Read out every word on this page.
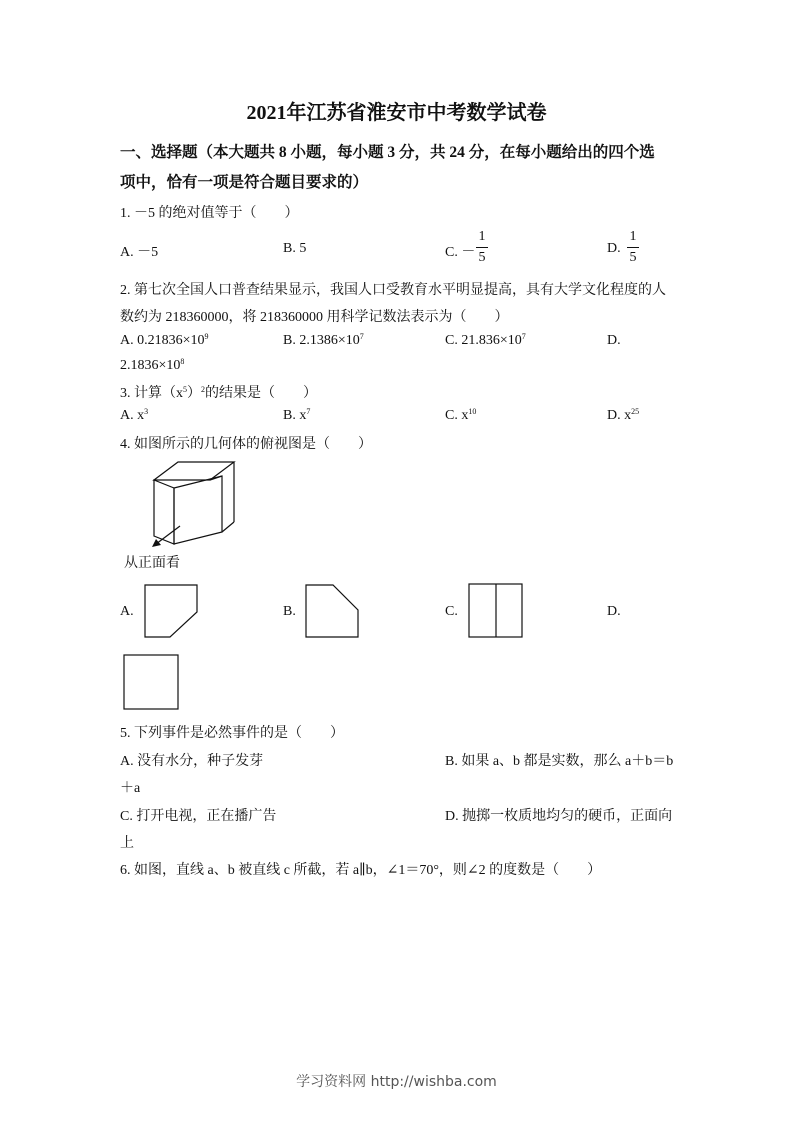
2021年江苏省淮安市中考数学试卷
一、选择题（本大题共 8 小题，每小题 3 分，共 24 分，在每小题给出的四个选
项中，恰有一项是符合题目要求的）
1. －5 的绝对值等于（　　）
A. －5	B. 5	C. －
1
5
D.
1
5
2. 第七次全国人口普查结果显示，我国人口受教育水平明显提高，具有大学文化程度的人
数约为 218360000，将 218360000 用科学记数法表示为（　　）
A. $0.21836\times 10^9$	B. $2.1386\times 10^7$	C. $21.836\times 10^7$	D.
$2.1836\times 10^8$
3. 计算$(x^5)^2$的结果是（　　）
A. $x^3$	B. $x^7$	C. $x^{10}$	D. $x^{25}$
4. 如图所示的几何体的俯视图是（　　）
从正面看
A.	B.	C.	D.
5. 下列事件是必然事件的是（　　）
A. 没有水分，种子发芽	B. 如果 a、b 都是实数，那么 a＋b＝b
＋a
C. 打开电视，正在播广告	D. 抛掷一枚质地均匀的硬币，正面向
上
6. 如图，直线 a、b 被直线 c 所截，若 a∥b，∠1＝70°，则∠2 的度数是（　　）
学习资料网 http://wishba.com
